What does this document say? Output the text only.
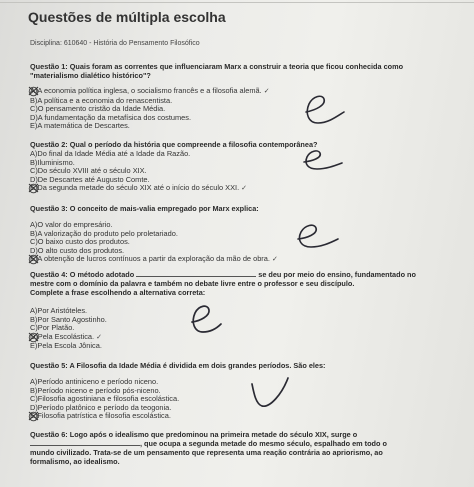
Questões de múltipla escolha
Disciplina: 610640 - História do Pensamento Filosófico
Questão 1: Quais foram as correntes que influenciaram Marx a construir a teoria que ficou conhecida como
"materialismo dialético histórico"?
A)A economia política inglesa, o socialismo francês e a filosofia alemã. ✓
B)A política e a economia do renascentista.
C)O pensamento cristão da Idade Média.
D)A fundamentação da metafísica dos costumes.
E)A matemática de Descartes.
Questão 2: Qual o período da história que compreende a filosofia contemporânea?
A)Do final da Idade Média até a Idade da Razão.
B)Iluminismo.
C)Do século XVIII até o século XIX.
D)De Descartes até Augusto Comte.
E)Da segunda metade do século XIX até o início do século XXI. ✓
Questão 3: O conceito de mais-valia empregado por Marx explica:
A)O valor do empresário.
B)A valorização do produto pelo proletariado.
C)O baixo custo dos produtos.
D)O alto custo dos produtos.
E)A obtenção de lucros contínuos a partir da exploração da mão de obra. ✓
Questão 4: O método adotado	se deu por meio do ensino, fundamentado no
mestre com o domínio da palavra e também no debate livre entre o professor e seu discípulo.
Complete a frase escolhendo a alternativa correta:
A)Por Aristóteles.
B)Por Santo Agostinho.
C)Por Platão.
D)Pela Escolástica. ✓
E)Pela Escola Jônica.
Questão 5: A Filosofia da Idade Média é dividida em dois grandes períodos. São eles:
A)Período antiniceno e período niceno.
B)Período niceno e período pós-niceno.
C)Filosofia agostiniana e filosofia escolástica.
D)Período platônico e período da teogonia.
E)Filosofia patrística e filosofia escolástica.
Questão 6: Logo após o idealismo que predominou na primeira metade do século XIX, surge o
, que ocupa a segunda metade do mesmo século, espalhado em todo o
mundo civilizado. Trata-se de um pensamento que representa uma reação contrária ao apriorismo, ao
formalismo, ao idealismo.
